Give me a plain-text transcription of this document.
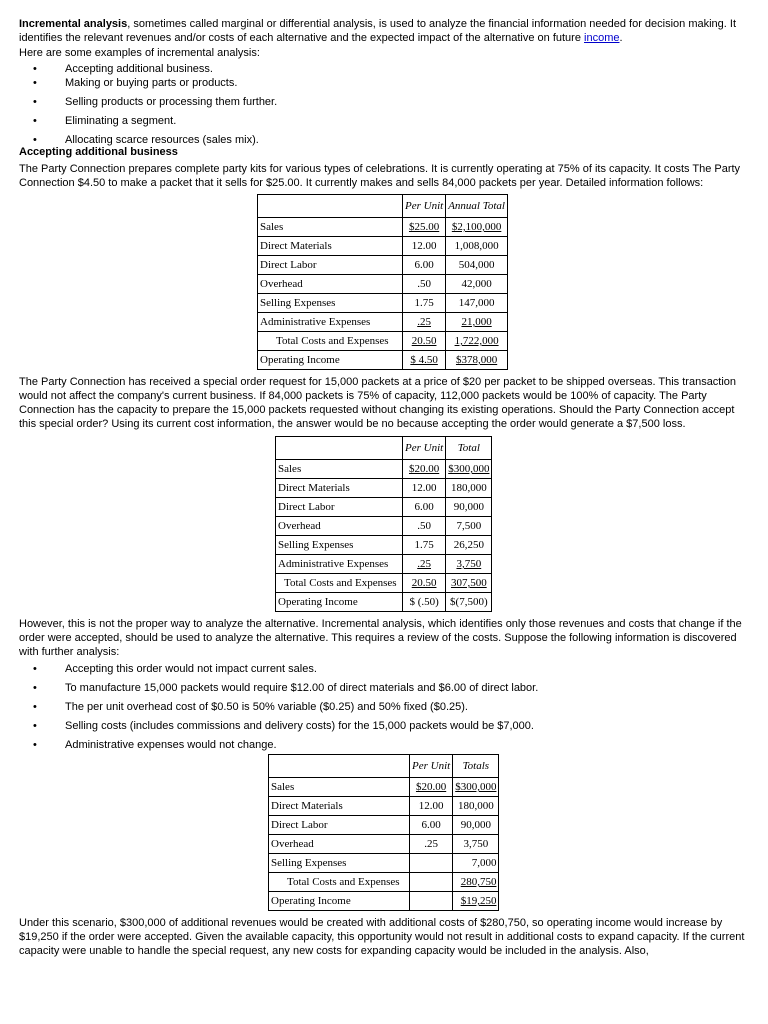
Incremental analysis, sometimes called marginal or differential analysis, is used to analyze the financial information needed for decision making. It identifies the relevant revenues and/or costs of each alternative and the expected impact of the alternative on future income.

Here are some examples of incremental analysis:

• Accepting additional business.
• Making or buying parts or products.
• Selling products or processing them further.
• Eliminating a segment.
• Allocating scarce resources (sales mix).
Accepting additional business

The Party Connection prepares complete party kits for various types of celebrations. It is currently operating at 75% of its capacity. It costs The Party Connection $4.50 to make a packet that it sells for $25.00. It currently makes and sells 84,000 packets per year. Detailed information follows:

	Per Unit	Annual Total
Sales	$25.00	$2,100,000
Direct Materials	12.00	1,008,000
Direct Labor	6.00	504,000
Overhead	.50	42,000
Selling Expenses	1.75	147,000
Administrative Expenses	.25	21,000
Total Costs and Expenses	20.50	1,722,000
Operating Income	$ 4.50	$378,000

The Party Connection has received a special order request for 15,000 packets at a price of $20 per packet to be shipped overseas. This transaction would not affect the company's current business. If 84,000 packets is 75% of capacity, 112,000 packets would be 100% of capacity. The Party Connection has the capacity to prepare the 15,000 packets requested without changing its existing operations. Should the Party Connection accept this special order? Using its current cost information, the answer would be no because accepting the order would generate a $7,500 loss.

	Per Unit	Total
Sales	$20.00	$300,000
Direct Materials	12.00	180,000
Direct Labor	6.00	90,000
Overhead	.50	7,500
Selling Expenses	1.75	26,250
Administrative Expenses	.25	3,750
Total Costs and Expenses	20.50	307,500
Operating Income	$ (.50)	$(7,500)

However, this is not the proper way to analyze the alternative. Incremental analysis, which identifies only those revenues and costs that change if the order were accepted, should be used to analyze the alternative. This requires a review of the costs. Suppose the following information is discovered with further analysis:

• Accepting this order would not impact current sales.
• To manufacture 15,000 packets would require $12.00 of direct materials and $6.00 of direct labor.
• The per unit overhead cost of $0.50 is 50% variable ($0.25) and 50% fixed ($0.25).
• Selling costs (includes commissions and delivery costs) for the 15,000 packets would be $7,000.
• Administrative expenses would not change.
	Per Unit	Totals
Sales	$20.00	$300,000
Direct Materials	12.00	180,000
Direct Labor	6.00	90,000
Overhead	.25	3,750
Selling Expenses		7,000
Total Costs and Expenses		280,750
Operating Income		$19,250

Under this scenario, $300,000 of additional revenues would be created with additional costs of $280,750, so operating income would increase by $19,250 if the order were accepted. Given the available capacity, this opportunity would not result in additional costs to expand capacity. If the current capacity were unable to handle the special request, any new costs for expanding capacity would be included in the analysis. Also,
